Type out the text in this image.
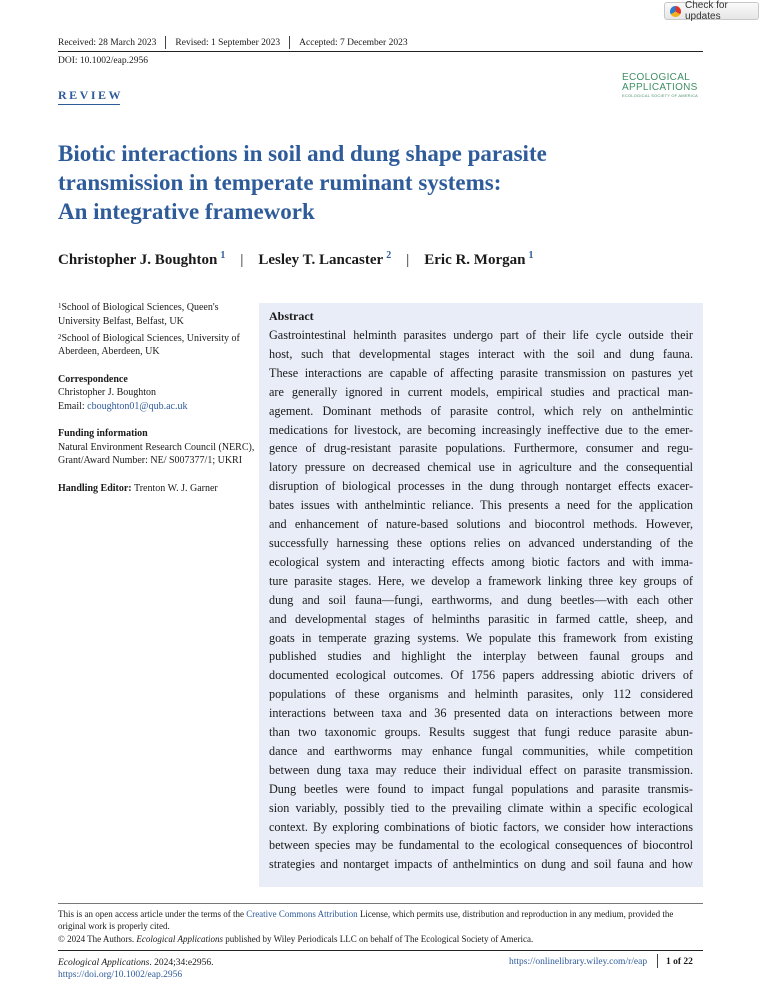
Check for updates
Received: 28 March 2023 Revised: 1 September 2023 Accepted: 7 December 2023
DOI: 10.1002/eap.2956
REVIEW
ECOLOGICAL
APPLICATIONS
ECOLOGICAL SOCIETY OF AMERICA
Biotic interactions in soil and dung shape parasite
transmission in temperate ruminant systems:
An integrative framework
Christopher J. Boughton 1 | Lesley T. Lancaster 2 | Eric R. Morgan 1
$^1$School of Biological Sciences, Queen's University Belfast, Belfast, UK
$^2$School of Biological Sciences, University of Aberdeen, Aberdeen, UK
Correspondence
Christopher J. Boughton
Email: cboughton01@qub.ac.uk
Funding information
Natural Environment Research Council (NERC), Grant/Award Number: NE/ S007377/1; UKRI
Handling Editor: Trenton W. J. Garner
Abstract
Gastrointestinal helminth parasites undergo part of their life cycle outside their
host, such that developmental stages interact with the soil and dung fauna.
These interactions are capable of affecting parasite transmission on pastures yet
are generally ignored in current models, empirical studies and practical man-
agement. Dominant methods of parasite control, which rely on anthelmintic
medications for livestock, are becoming increasingly ineffective due to the emer-
gence of drug-resistant parasite populations. Furthermore, consumer and regu-
latory pressure on decreased chemical use in agriculture and the consequential
disruption of biological processes in the dung through nontarget effects exacer-
bates issues with anthelmintic reliance. This presents a need for the application
and enhancement of nature-based solutions and biocontrol methods. However,
successfully harnessing these options relies on advanced understanding of the
ecological system and interacting effects among biotic factors and with imma-
ture parasite stages. Here, we develop a framework linking three key groups of
dung and soil fauna—fungi, earthworms, and dung beetles—with each other
and developmental stages of helminths parasitic in farmed cattle, sheep, and
goats in temperate grazing systems. We populate this framework from existing
published studies and highlight the interplay between faunal groups and
documented ecological outcomes. Of 1756 papers addressing abiotic drivers of
populations of these organisms and helminth parasites, only 112 considered
interactions between taxa and 36 presented data on interactions between more
than two taxonomic groups. Results suggest that fungi reduce parasite abun-
dance and earthworms may enhance fungal communities, while competition
between dung taxa may reduce their individual effect on parasite transmission.
Dung beetles were found to impact fungal populations and parasite transmis-
sion variably, possibly tied to the prevailing climate within a specific ecological
context. By exploring combinations of biotic factors, we consider how interactions
between species may be fundamental to the ecological consequences of biocontrol
strategies and nontarget impacts of anthelmintics on dung and soil fauna and how
This is an open access article under the terms of the Creative Commons Attribution License, which permits use, distribution and reproduction in any medium, provided the original work is properly cited.
© 2024 The Authors. Ecological Applications published by Wiley Periodicals LLC on behalf of The Ecological Society of America.
Ecological Applications. 2024;34:e2956.
https://doi.org/10.1002/eap.2956
https://onlinelibrary.wiley.com/r/eap 1 of 22
